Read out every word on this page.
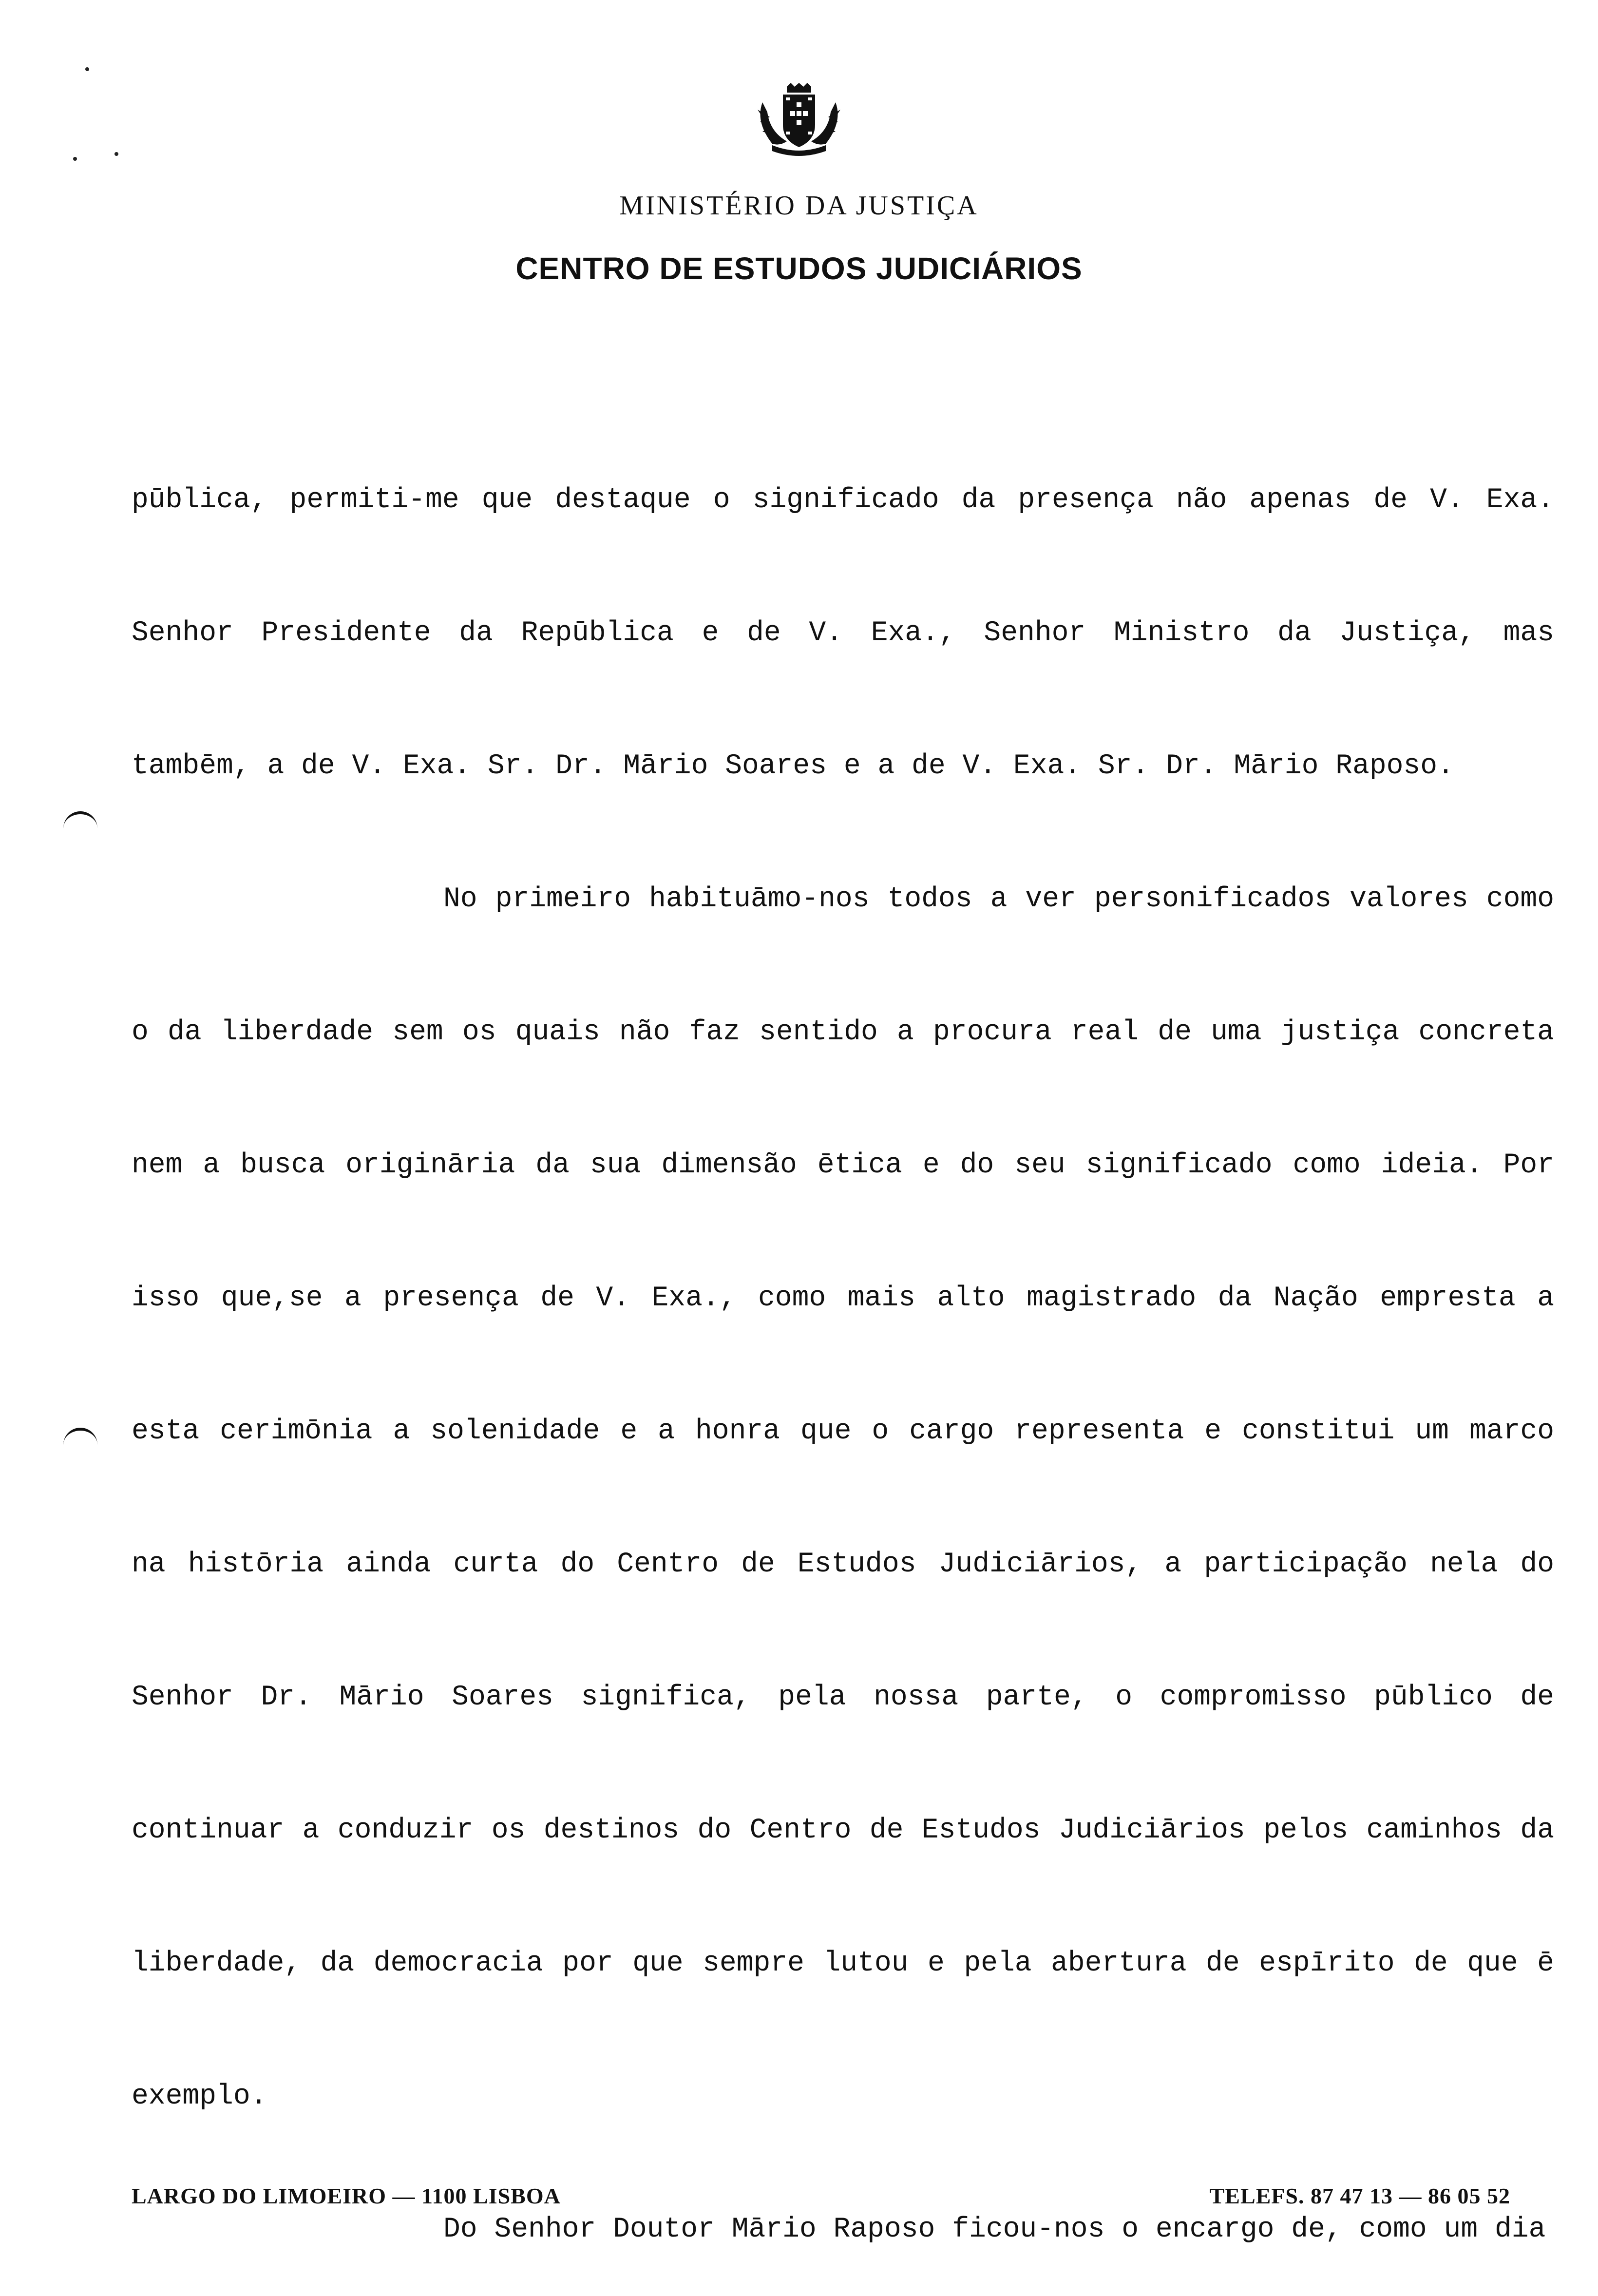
MINISTÉRIO DA JUSTIÇA
CENTRO DE ESTUDOS JUDICIÁRIOS

pūblica, permiti-me que destaque o significado da presença não apenas de V. Exa. Senhor Presidente da Repūblica e de V. Exa., Senhor Ministro da Justiça, mas tambēm, a de V. Exa. Sr. Dr. Mārio Soares e a de V. Exa. Sr. Dr. Mārio Raposo.

No primeiro habituāmo-nos todos a ver personificados valores como o da liberdade sem os quais não faz sentido a procura real de uma justiça concreta nem a busca origināria da sua dimensão ētica e do seu significado como ideia. Por isso que,se a presença de V. Exa., como mais alto magistrado da Nação empresta a esta cerimōnia a solenidade e a honra que o cargo representa e constitui um marco na histōria ainda curta do Centro de Estudos Judiciārios, a participação nela do Senhor Dr. Mārio Soares significa, pela nossa parte, o compromisso pūblico de continuar a conduzir os destinos do Centro de Estudos Judiciārios pelos caminhos da liberdade, da democracia por que sempre lutou e pela abertura de espīrito de que ē exemplo.

Do Senhor Doutor Mārio Raposo ficou-nos o encargo de, como um dia

LARGO DO LIMOEIRO — 1100 LISBOA	TELEFS. 87 47 13 — 86 05 52
